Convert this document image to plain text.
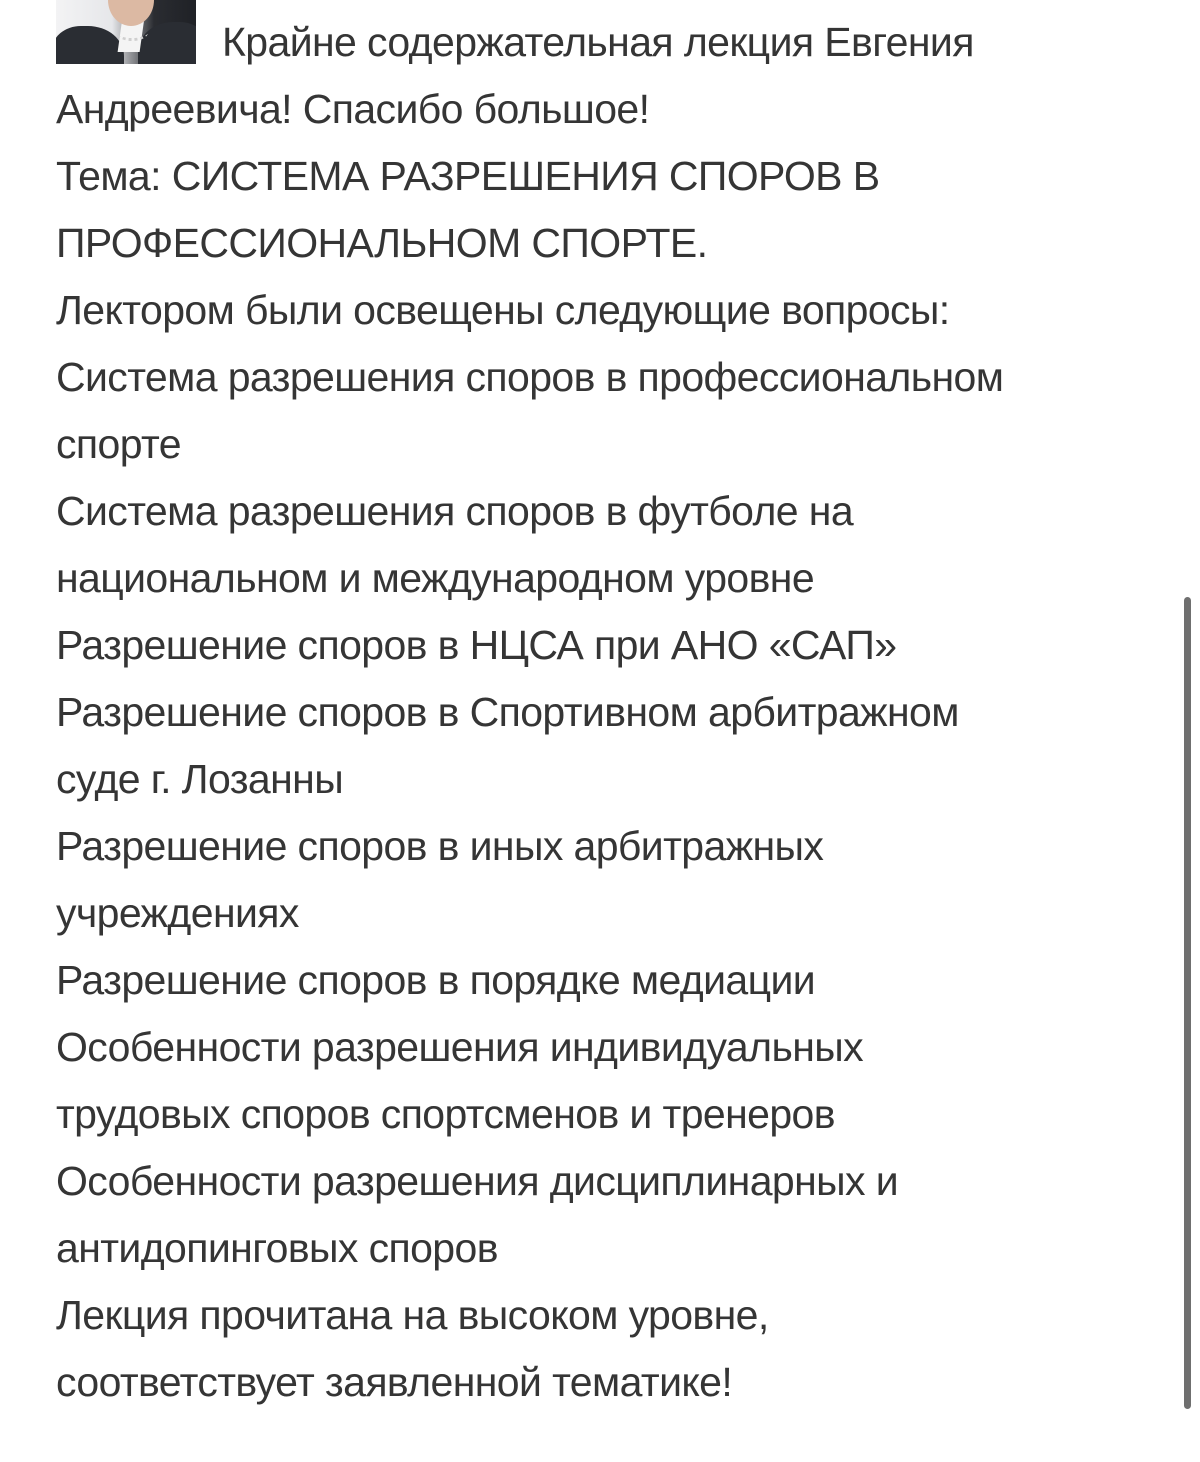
Крайне содержательная лекция Евгения
Андреевича! Спасибо большое!
Тема: СИСТЕМА РАЗРЕШЕНИЯ СПОРОВ В
ПРОФЕССИОНАЛЬНОМ СПОРТЕ.
Лектором были освещены следующие вопросы:
Система разрешения споров в профессиональном
спорте
Система разрешения споров в футболе на
национальном и международном уровне
Разрешение споров в НЦСА при АНО «САП»
Разрешение споров в Спортивном арбитражном
суде г. Лозанны
Разрешение споров в иных арбитражных
учреждениях
Разрешение споров в порядке медиации
Особенности разрешения индивидуальных
трудовых споров спортсменов и тренеров
Особенности разрешения дисциплинарных и
антидопинговых споров
Лекция прочитана на высоком уровне,
соответствует заявленной тематике!
